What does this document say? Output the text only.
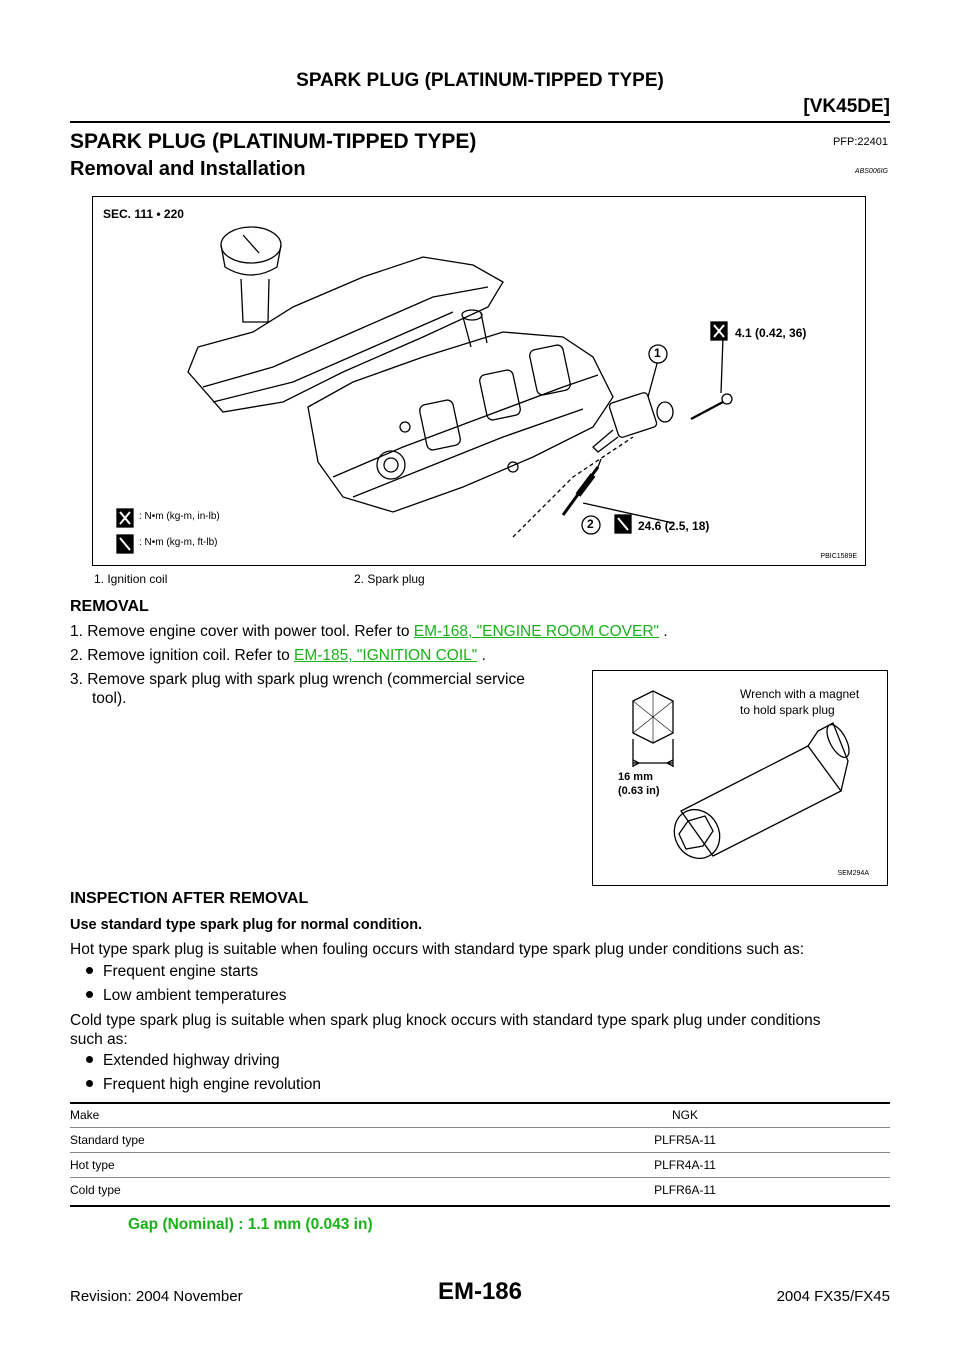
SPARK PLUG (PLATINUM-TIPPED TYPE)
[VK45DE]
SPARK PLUG (PLATINUM-TIPPED TYPE)	PFP:22401
Removal and Installation	ABS006IG
SEC. 111 • 220
4.1 (0.42, 36)
24.6 (2.5, 18)
: N•m (kg-m, in-lb)
: N•m (kg-m, ft-lb)
1
2
PBIC1589E
1. Ignition coil	2. Spark plug
REMOVAL
1. Remove engine cover with power tool. Refer to EM-168, "ENGINE ROOM COVER" .
2. Remove ignition coil. Refer to EM-185, "IGNITION COIL" .
3. Remove spark plug with spark plug wrench (commercial service
tool).	Wrench with a magnet
to hold spark plug
16 mm
(0.63 in)
SEM294A
INSPECTION AFTER REMOVAL
Use standard type spark plug for normal condition.
Hot type spark plug is suitable when fouling occurs with standard type spark plug under conditions such as:
Frequent engine starts
Low ambient temperatures
Cold type spark plug is suitable when spark plug knock occurs with standard type spark plug under conditions
such as:
Extended highway driving
Frequent high engine revolution
Make	NGK
Standard type	PLFR5A-11
Hot type	PLFR4A-11
Cold type	PLFR6A-11
Gap (Nominal) : 1.1 mm (0.043 in)
EM-186
Revision: 2004 November	2004 FX35/FX45
